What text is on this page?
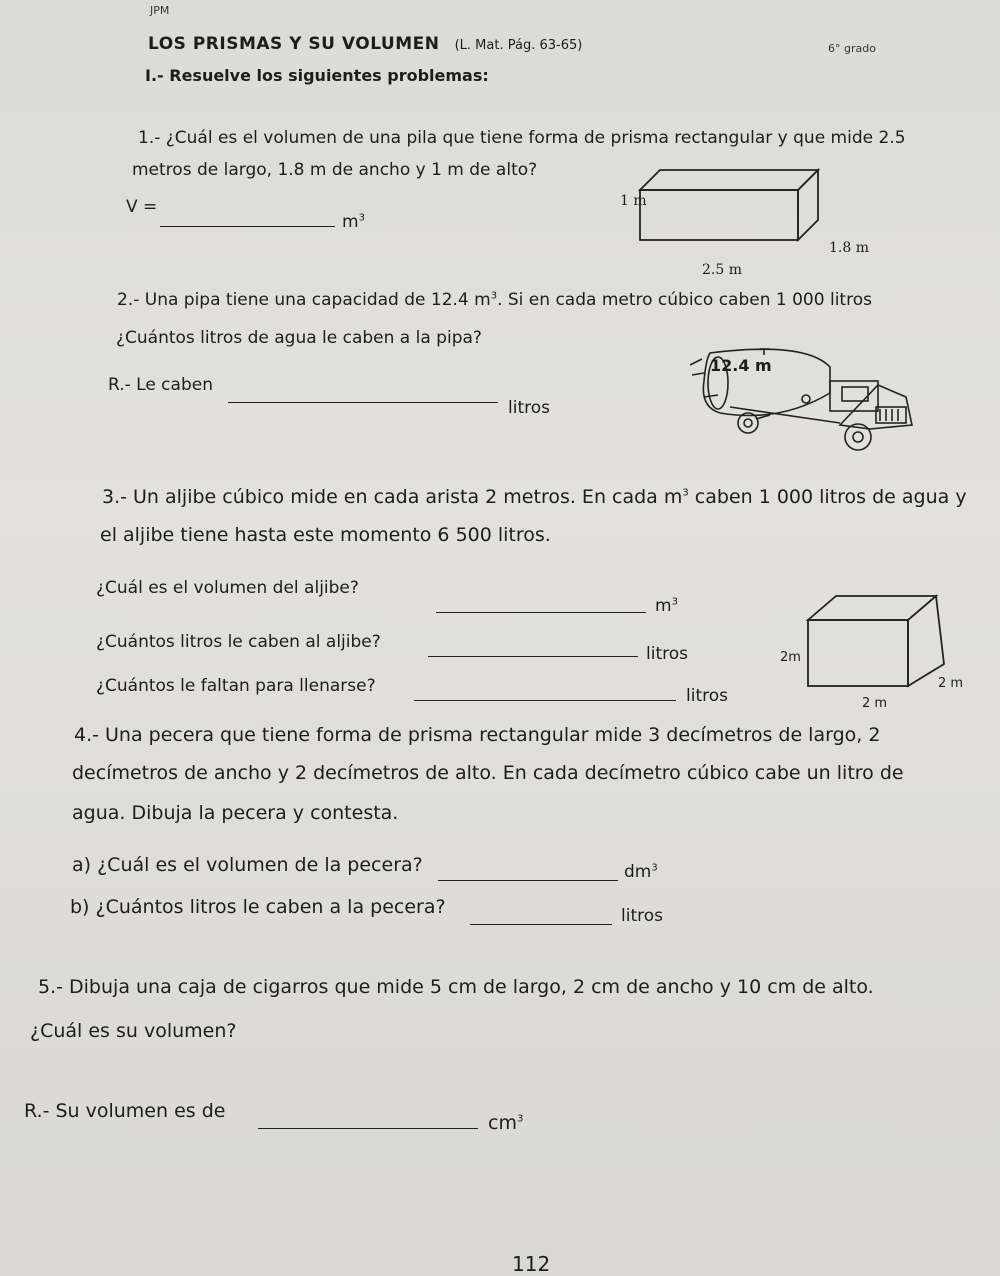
JPM
6° grado
LOS PRISMAS Y SU VOLUMEN (L. Mat. Pág. 63-65)
I.- Resuelve los siguientes problemas:
1.- ¿Cuál es el volumen de una pila que tiene forma de prisma rectangular y que mide 2.5
metros de largo, 1.8 m de ancho y 1 m de alto?
V =
$m^3$
1 m
1.8 m
2.5 m
2.- Una pipa tiene una capacidad de 12.4 $m^3$. Si en cada metro cúbico caben 1 000 litros
¿Cuántos litros de agua le caben a la pipa?
R.- Le caben
litros
12.4 m
3.- Un aljibe cúbico mide en cada arista 2 metros. En cada $m^3$ caben 1 000 litros de agua y
el aljibe tiene hasta este momento 6 500 litros.
¿Cuál es el volumen del aljibe?
$m^3$
¿Cuántos litros le caben al aljibe?
litros
¿Cuántos le faltan para llenarse?	litros
2m
2 m
2 m
4.- Una pecera que tiene forma de prisma rectangular mide 3 decímetros de largo, 2
decímetros de ancho y 2 decímetros de alto. En cada decímetro cúbico cabe un litro de
agua. Dibuja la pecera y contesta.
a) ¿Cuál es el volumen de la pecera?	$dm^3$
b) ¿Cuántos litros le caben a la pecera?	litros
5.- Dibuja una caja de cigarros que mide 5 cm de largo, 2 cm de ancho y 10 cm de alto.
¿Cuál es su volumen?
R.- Su volumen es de
$cm^3$
112
